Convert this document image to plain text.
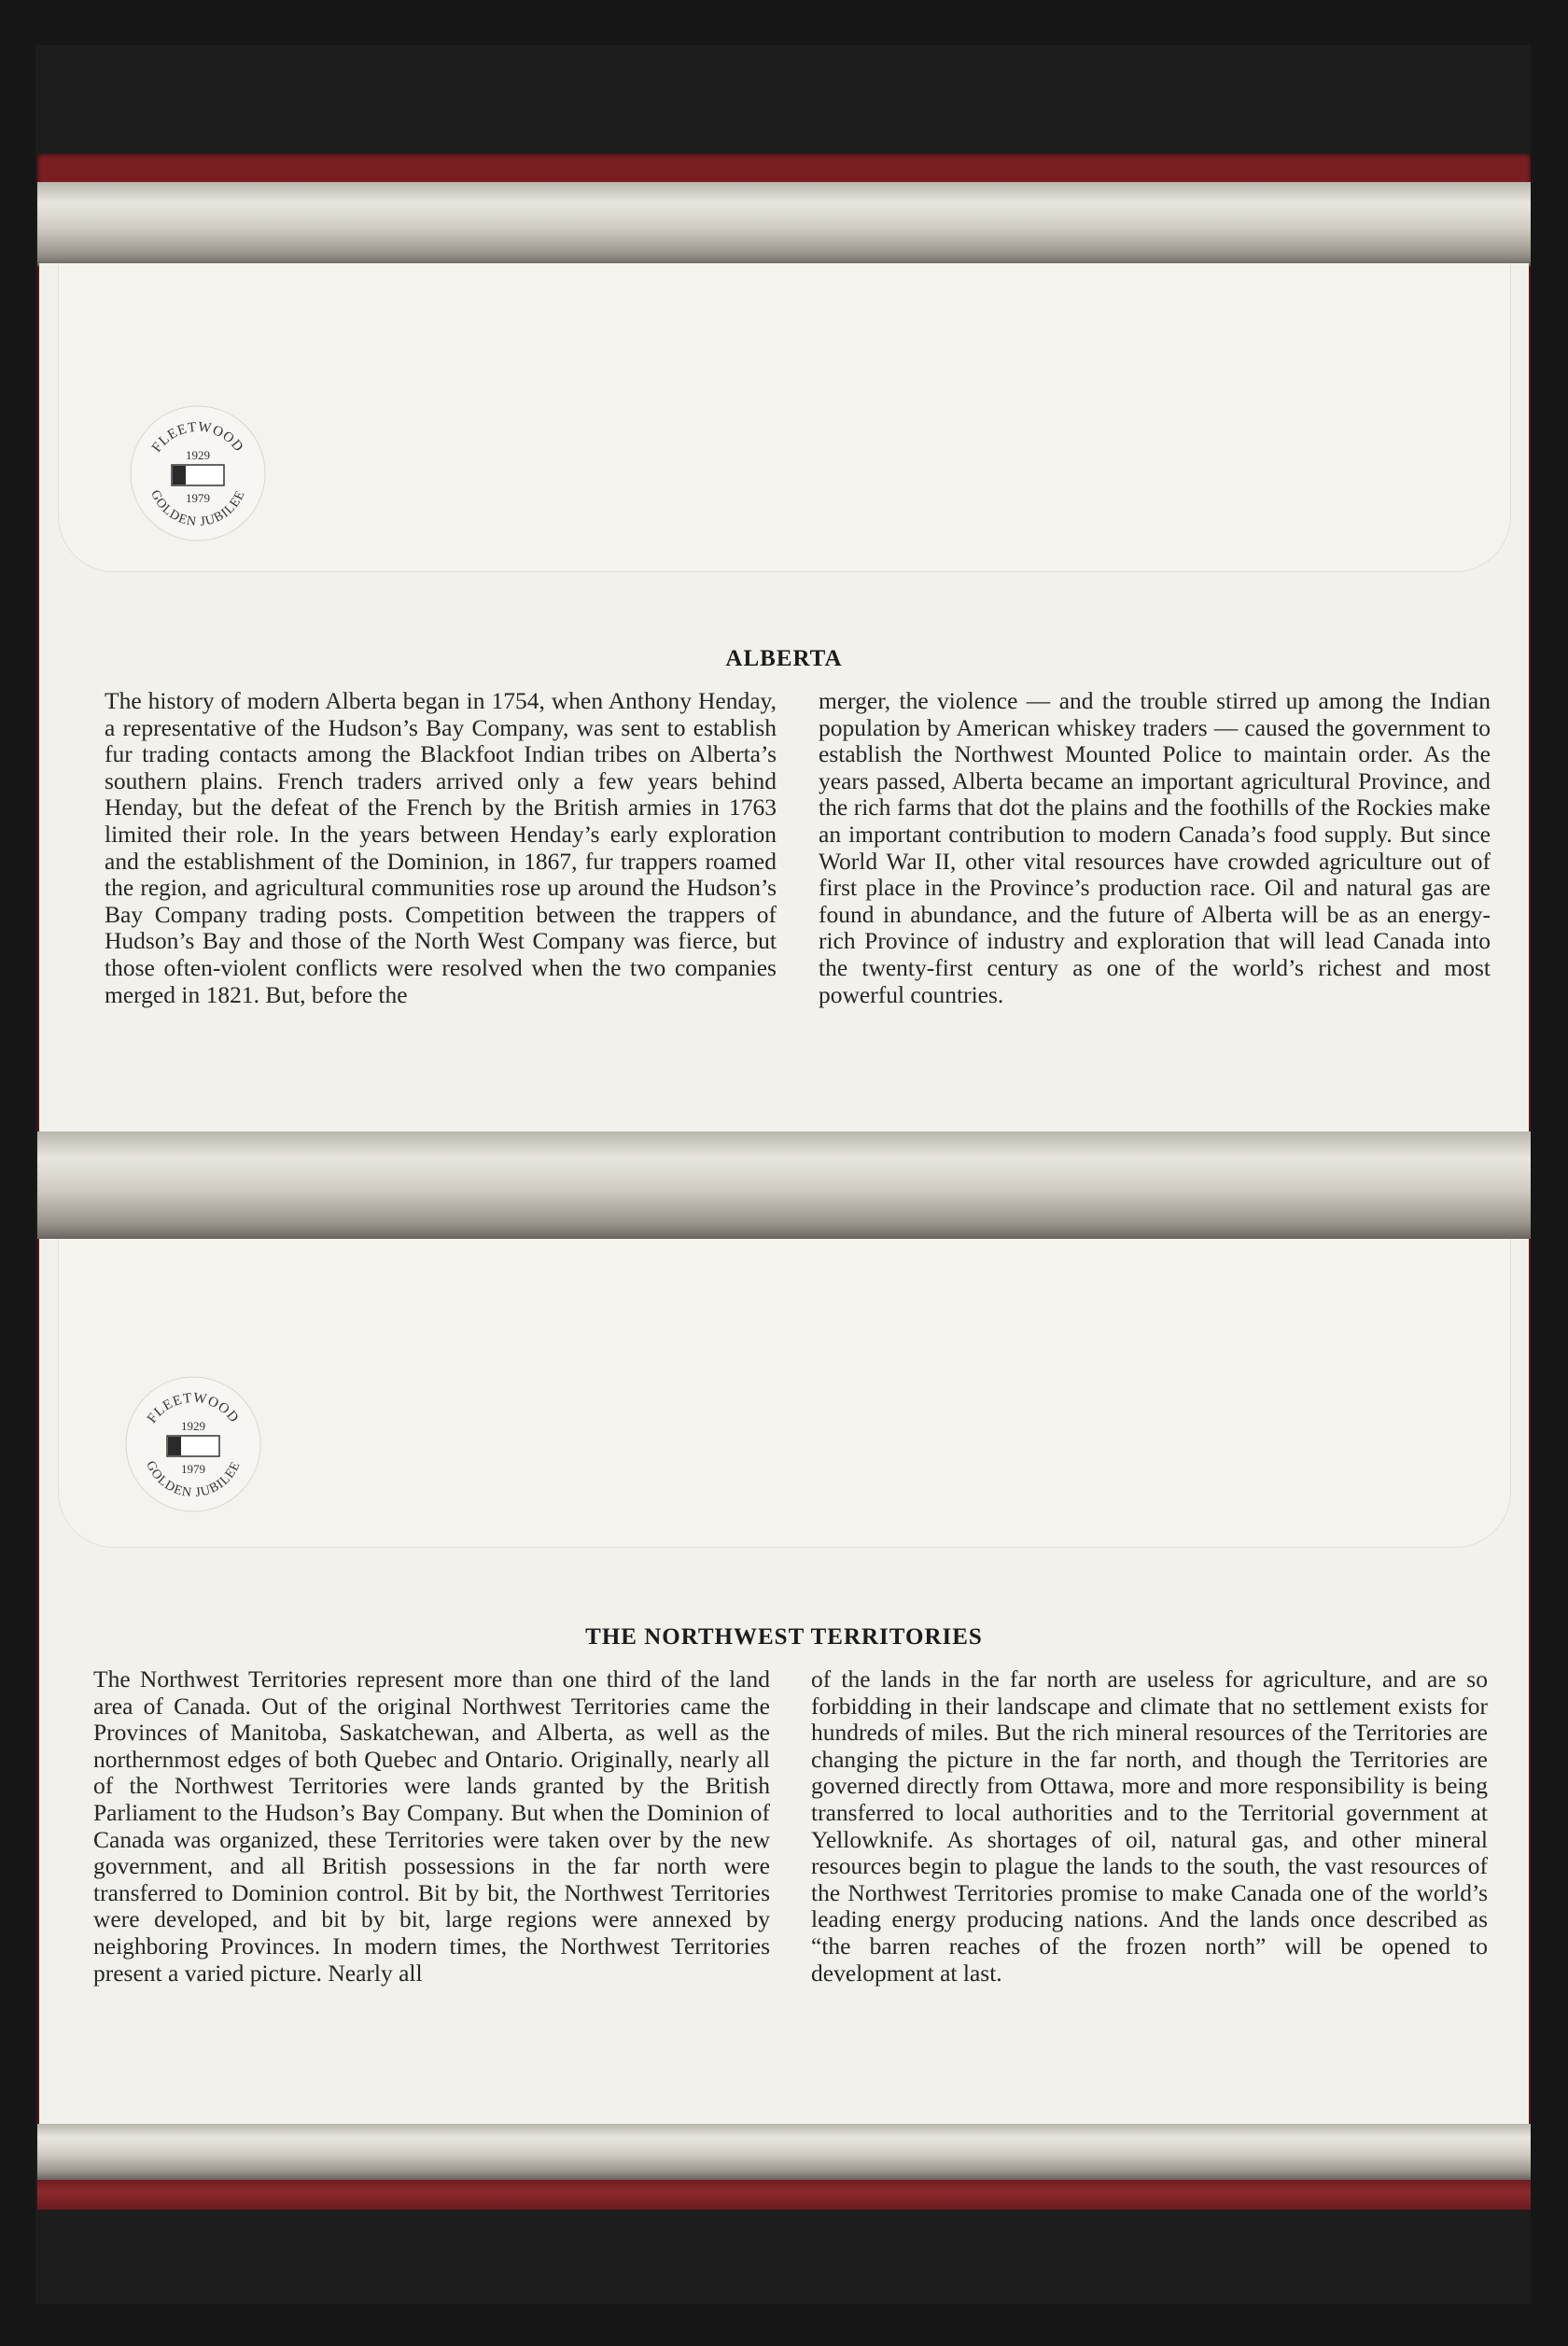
FLEETWOOD
GOLDEN JUBILEE
1929
1979
ALBERTA

The history of modern Alberta began in 1754, when Anthony Henday, a representative of the Hudson’s Bay Company, was sent to establish fur trading contacts among the Blackfoot Indian tribes on Alberta’s southern plains. French traders arrived only a few years behind Henday, but the defeat of the French by the British armies in 1763 limited their role. In the years between Henday’s early exploration and the establishment of the Dominion, in 1867, fur trappers roamed the region, and agricultural communities rose up around the Hudson’s Bay Company trading posts. Competition between the trappers of Hudson’s Bay and those of the North West Company was fierce, but those often-violent conflicts were resolved when the two companies merged in 1821. But, before the

merger, the violence — and the trouble stirred up among the Indian population by American whiskey traders — caused the government to establish the Northwest Mounted Police to maintain order. As the years passed, Alberta became an important agricultural Province, and the rich farms that dot the plains and the foothills of the Rockies make an important contribution to modern Canada’s food supply. But since World War II, other vital resources have crowded agriculture out of first place in the Province’s production race. Oil and natural gas are found in abundance, and the future of Alberta will be as an energy-rich Province of industry and exploration that will lead Canada into the twenty-first century as one of the world’s richest and most powerful countries.

FLEETWOOD
GOLDEN JUBILEE
1929
1979
THE NORTHWEST TERRITORIES

The Northwest Territories represent more than one third of the land area of Canada. Out of the original Northwest Territories came the Provinces of Manitoba, Saskatchewan, and Alberta, as well as the northernmost edges of both Quebec and Ontario. Originally, nearly all of the Northwest Territories were lands granted by the British Parliament to the Hudson’s Bay Company. But when the Dominion of Canada was organized, these Territories were taken over by the new government, and all British possessions in the far north were transferred to Dominion control. Bit by bit, the Northwest Territories were developed, and bit by bit, large regions were annexed by neighboring Provinces. In modern times, the Northwest Territories present a varied picture. Nearly all

of the lands in the far north are useless for agriculture, and are so forbidding in their landscape and climate that no settlement exists for hundreds of miles. But the rich mineral resources of the Territories are changing the picture in the far north, and though the Territories are governed directly from Ottawa, more and more responsibility is being transferred to local authorities and to the Territorial government at Yellowknife. As shortages of oil, natural gas, and other mineral resources begin to plague the lands to the south, the vast resources of the Northwest Territories promise to make Canada one of the world’s leading energy producing nations. And the lands once described as “the barren reaches of the frozen north” will be opened to development at last.
